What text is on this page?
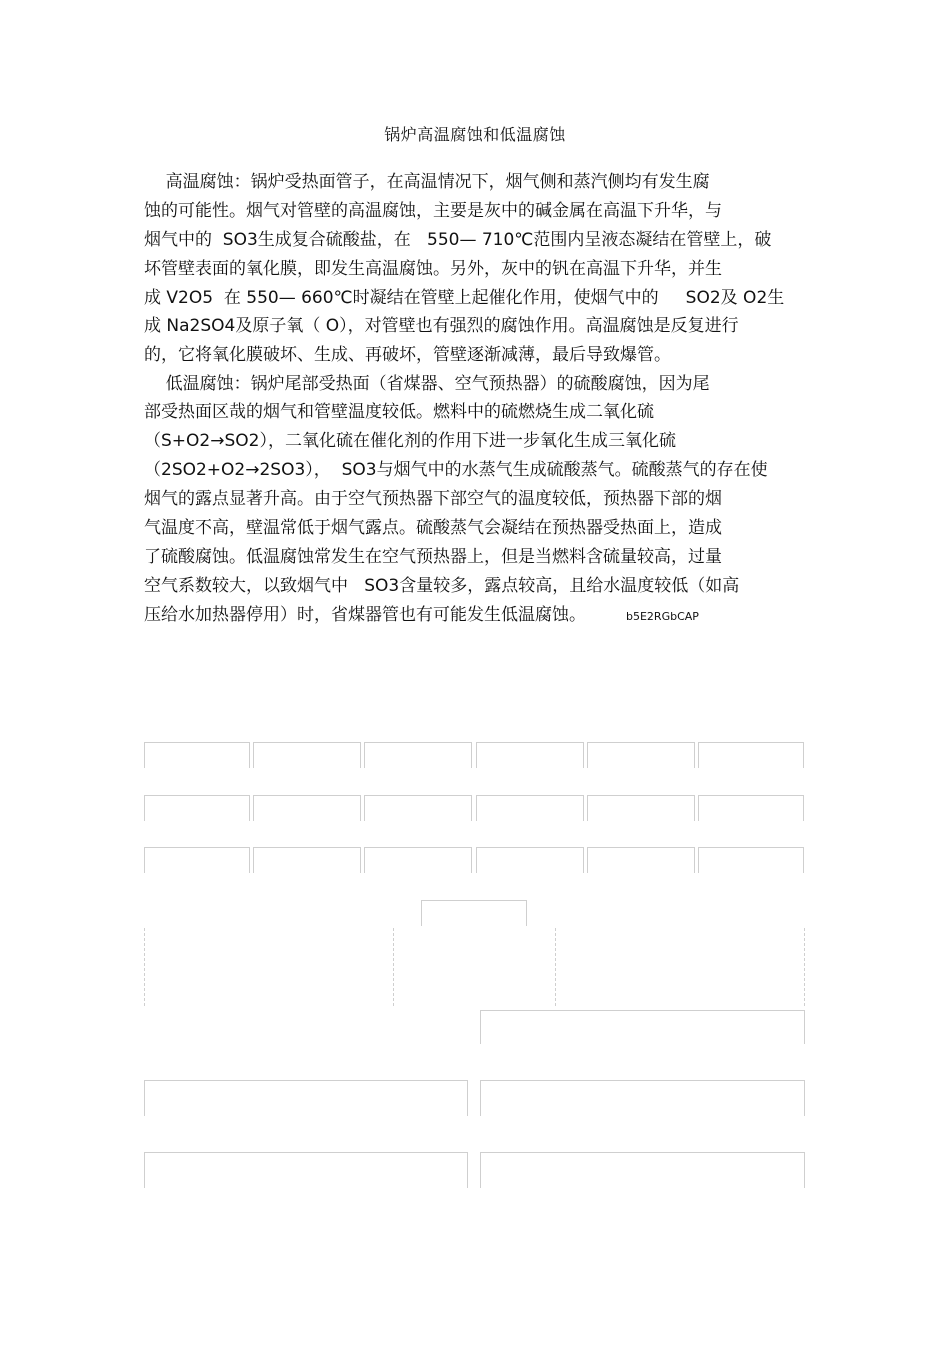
锅炉高温腐蚀和低温腐蚀
高温腐蚀：锅炉受热面管子，在高温情况下，烟气侧和蒸汽侧均有发生腐
蚀的可能性。烟气对管壁的高温腐蚀，主要是灰中的碱金属在高温下升华，与
烟气中的  SO3生成复合硫酸盐，在   550— 710℃范围内呈液态凝结在管壁上，破
坏管壁表面的氧化膜，即发生高温腐蚀。另外，灰中的钒在高温下升华，并生
成 V2O5  在 550— 660℃时凝结在管壁上起催化作用，使烟气中的     SO2及 O2生
成 Na2SO4及原子氧（ O），对管壁也有强烈的腐蚀作用。高温腐蚀是反复进行
的，它将氧化膜破坏、生成、再破坏，管壁逐渐减薄，最后导致爆管。
低温腐蚀：锅炉尾部受热面（省煤器、空气预热器）的硫酸腐蚀，因为尾
部受热面区哉的烟气和管壁温度较低。燃料中的硫燃烧生成二氧化硫
（S+O2→SO2），二氧化硫在催化剂的作用下进一步氧化生成三氧化硫
（2SO2+O2→2SO3），  SO3与烟气中的水蒸气生成硫酸蒸气。硫酸蒸气的存在使
烟气的露点显著升高。由于空气预热器下部空气的温度较低，预热器下部的烟
气温度不高，壁温常低于烟气露点。硫酸蒸气会凝结在预热器受热面上，造成
了硫酸腐蚀。低温腐蚀常发生在空气预热器上，但是当燃料含硫量较高，过量
空气系数较大，以致烟气中   SO3含量较多，露点较高，且给水温度较低（如高
压给水加热器停用）时，省煤器管也有可能发生低温腐蚀。	b5E2RGbCAP
